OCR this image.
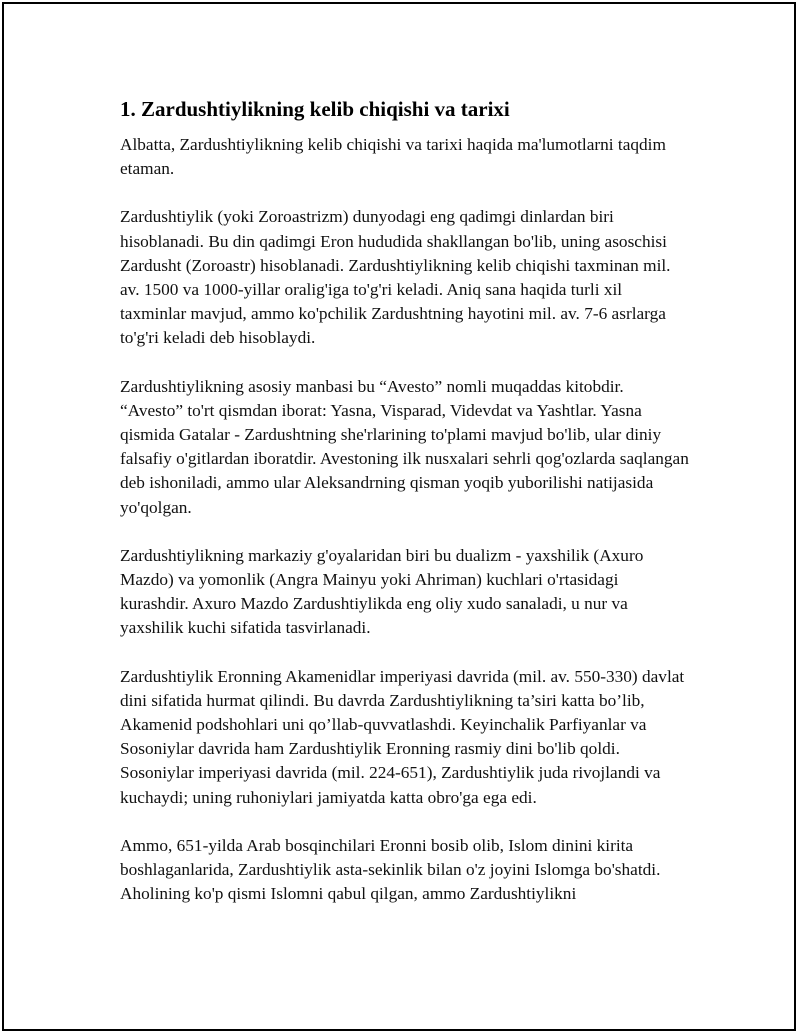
1. Zardushtiylikning kelib chiqishi va tarixi

Albatta, Zardushtiylikning kelib chiqishi va tarixi haqida ma'lumotlarni taqdim etaman.

Zardushtiylik (yoki Zoroastrizm) dunyodagi eng qadimgi dinlardan biri hisoblanadi. Bu din qadimgi Eron hududida shakllangan bo'lib, uning asoschisi Zardusht (Zoroastr) hisoblanadi. Zardushtiylikning kelib chiqishi taxminan mil. av. 1500 va 1000-yillar oralig'iga to'g'ri keladi. Aniq sana haqida turli xil taxminlar mavjud, ammo ko'pchilik Zardushtning hayotini mil. av. 7-6 asrlarga to'g'ri keladi deb hisoblaydi.

Zardushtiylikning asosiy manbasi bu “Avesto” nomli muqaddas kitobdir. “Avesto” to'rt qismdan iborat: Yasna, Visparad, Videvdat va Yashtlar. Yasna qismida Gatalar - Zardushtning she'rlarining to'plami mavjud bo'lib, ular diniy falsafiy o'gitlardan iboratdir. Avestoning ilk nusxalari sehrli qog'ozlarda saqlangan deb ishoniladi, ammo ular Aleksandrning qisman yoqib yuborilishi natijasida yo'qolgan.

Zardushtiylikning markaziy g'oyalaridan biri bu dualizm - yaxshilik (Axuro Mazdo) va yomonlik (Angra Mainyu yoki Ahriman) kuchlari o'rtasidagi kurashdir. Axuro Mazdo Zardushtiylikda eng oliy xudo sanaladi, u nur va yaxshilik kuchi sifatida tasvirlanadi.

Zardushtiylik Eronning Akamenidlar imperiyasi davrida (mil. av. 550-330) davlat dini sifatida hurmat qilindi. Bu davrda Zardushtiylikning ta’siri katta bo’lib, Akamenid podshohlari uni qo’llab-quvvatlashdi. Keyinchalik Parfiyanlar va Sosoniylar davrida ham Zardushtiylik Eronning rasmiy dini bo'lib qoldi. Sosoniylar imperiyasi davrida (mil. 224-651), Zardushtiylik juda rivojlandi va kuchaydi; uning ruhoniylari jamiyatda katta obro'ga ega edi.

Ammo, 651-yilda Arab bosqinchilari Eronni bosib olib, Islom dinini kirita boshlaganlarida, Zardushtiylik asta-sekinlik bilan o'z joyini Islomga bo'shatdi. Aholining ko'p qismi Islomni qabul qilgan, ammo Zardushtiylikni
